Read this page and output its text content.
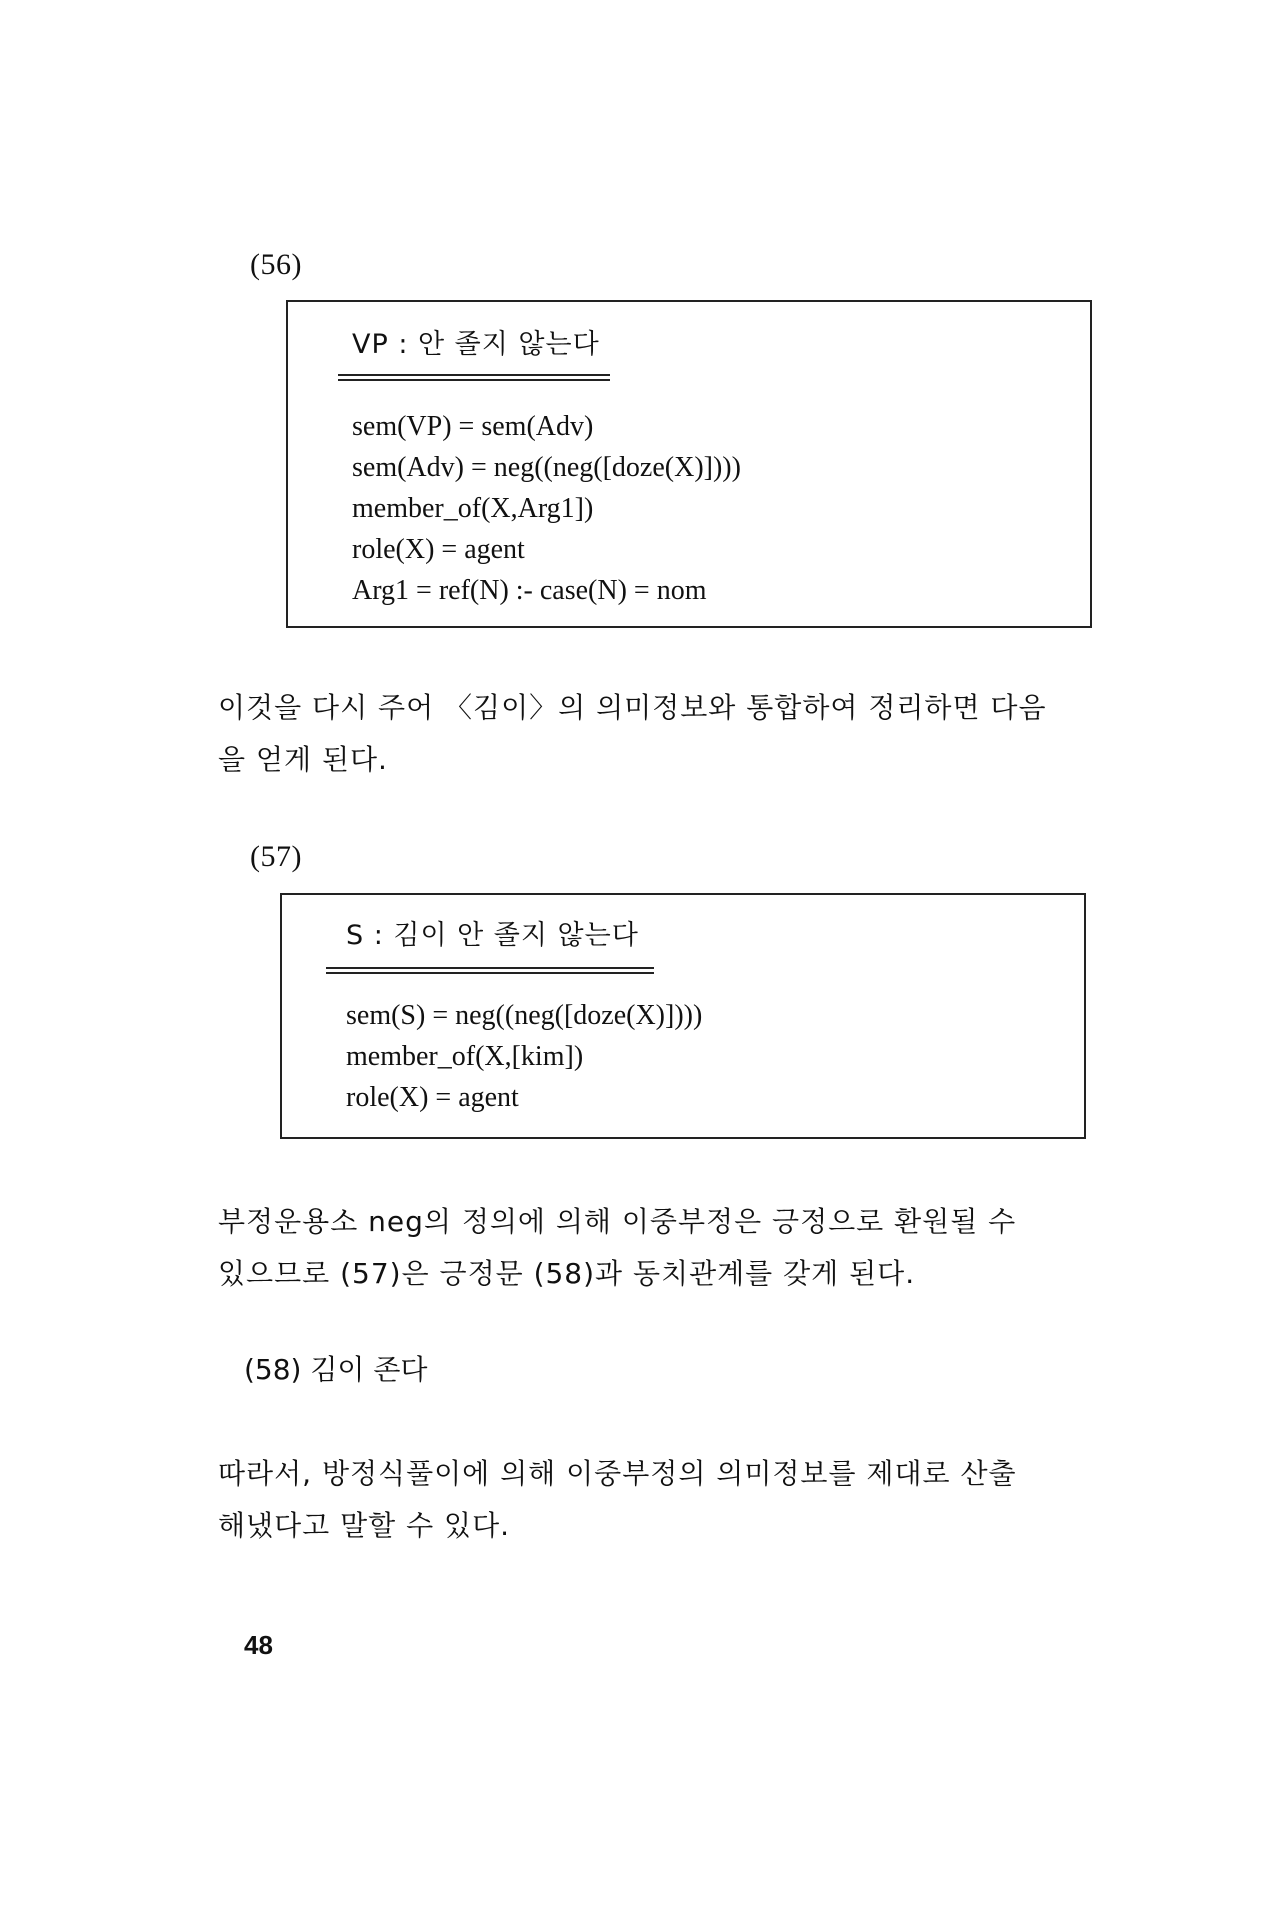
(56)
VP : 안 졸지 않는다
sem(VP) = sem(Adv)
sem(Adv) = neg((neg([doze(X)])))
member_of(X,Arg1])
role(X) = agent
Arg1 = ref(N) :- case(N) = nom

이것을 다시 주어 〈김이〉의 의미정보와 통합하여 정리하면 다음
을 얻게 된다.

(57)
S : 김이 안 졸지 않는다
sem(S) = neg((neg([doze(X)])))
member_of(X,[kim])
role(X) = agent

부정운용소 neg의 정의에 의해 이중부정은 긍정으로 환원될 수
있으므로 (57)은 긍정문 (58)과 동치관계를 갖게 된다.

(58) 김이 존다

따라서, 방정식풀이에 의해 이중부정의 의미정보를 제대로 산출
해냈다고 말할 수 있다.

48
